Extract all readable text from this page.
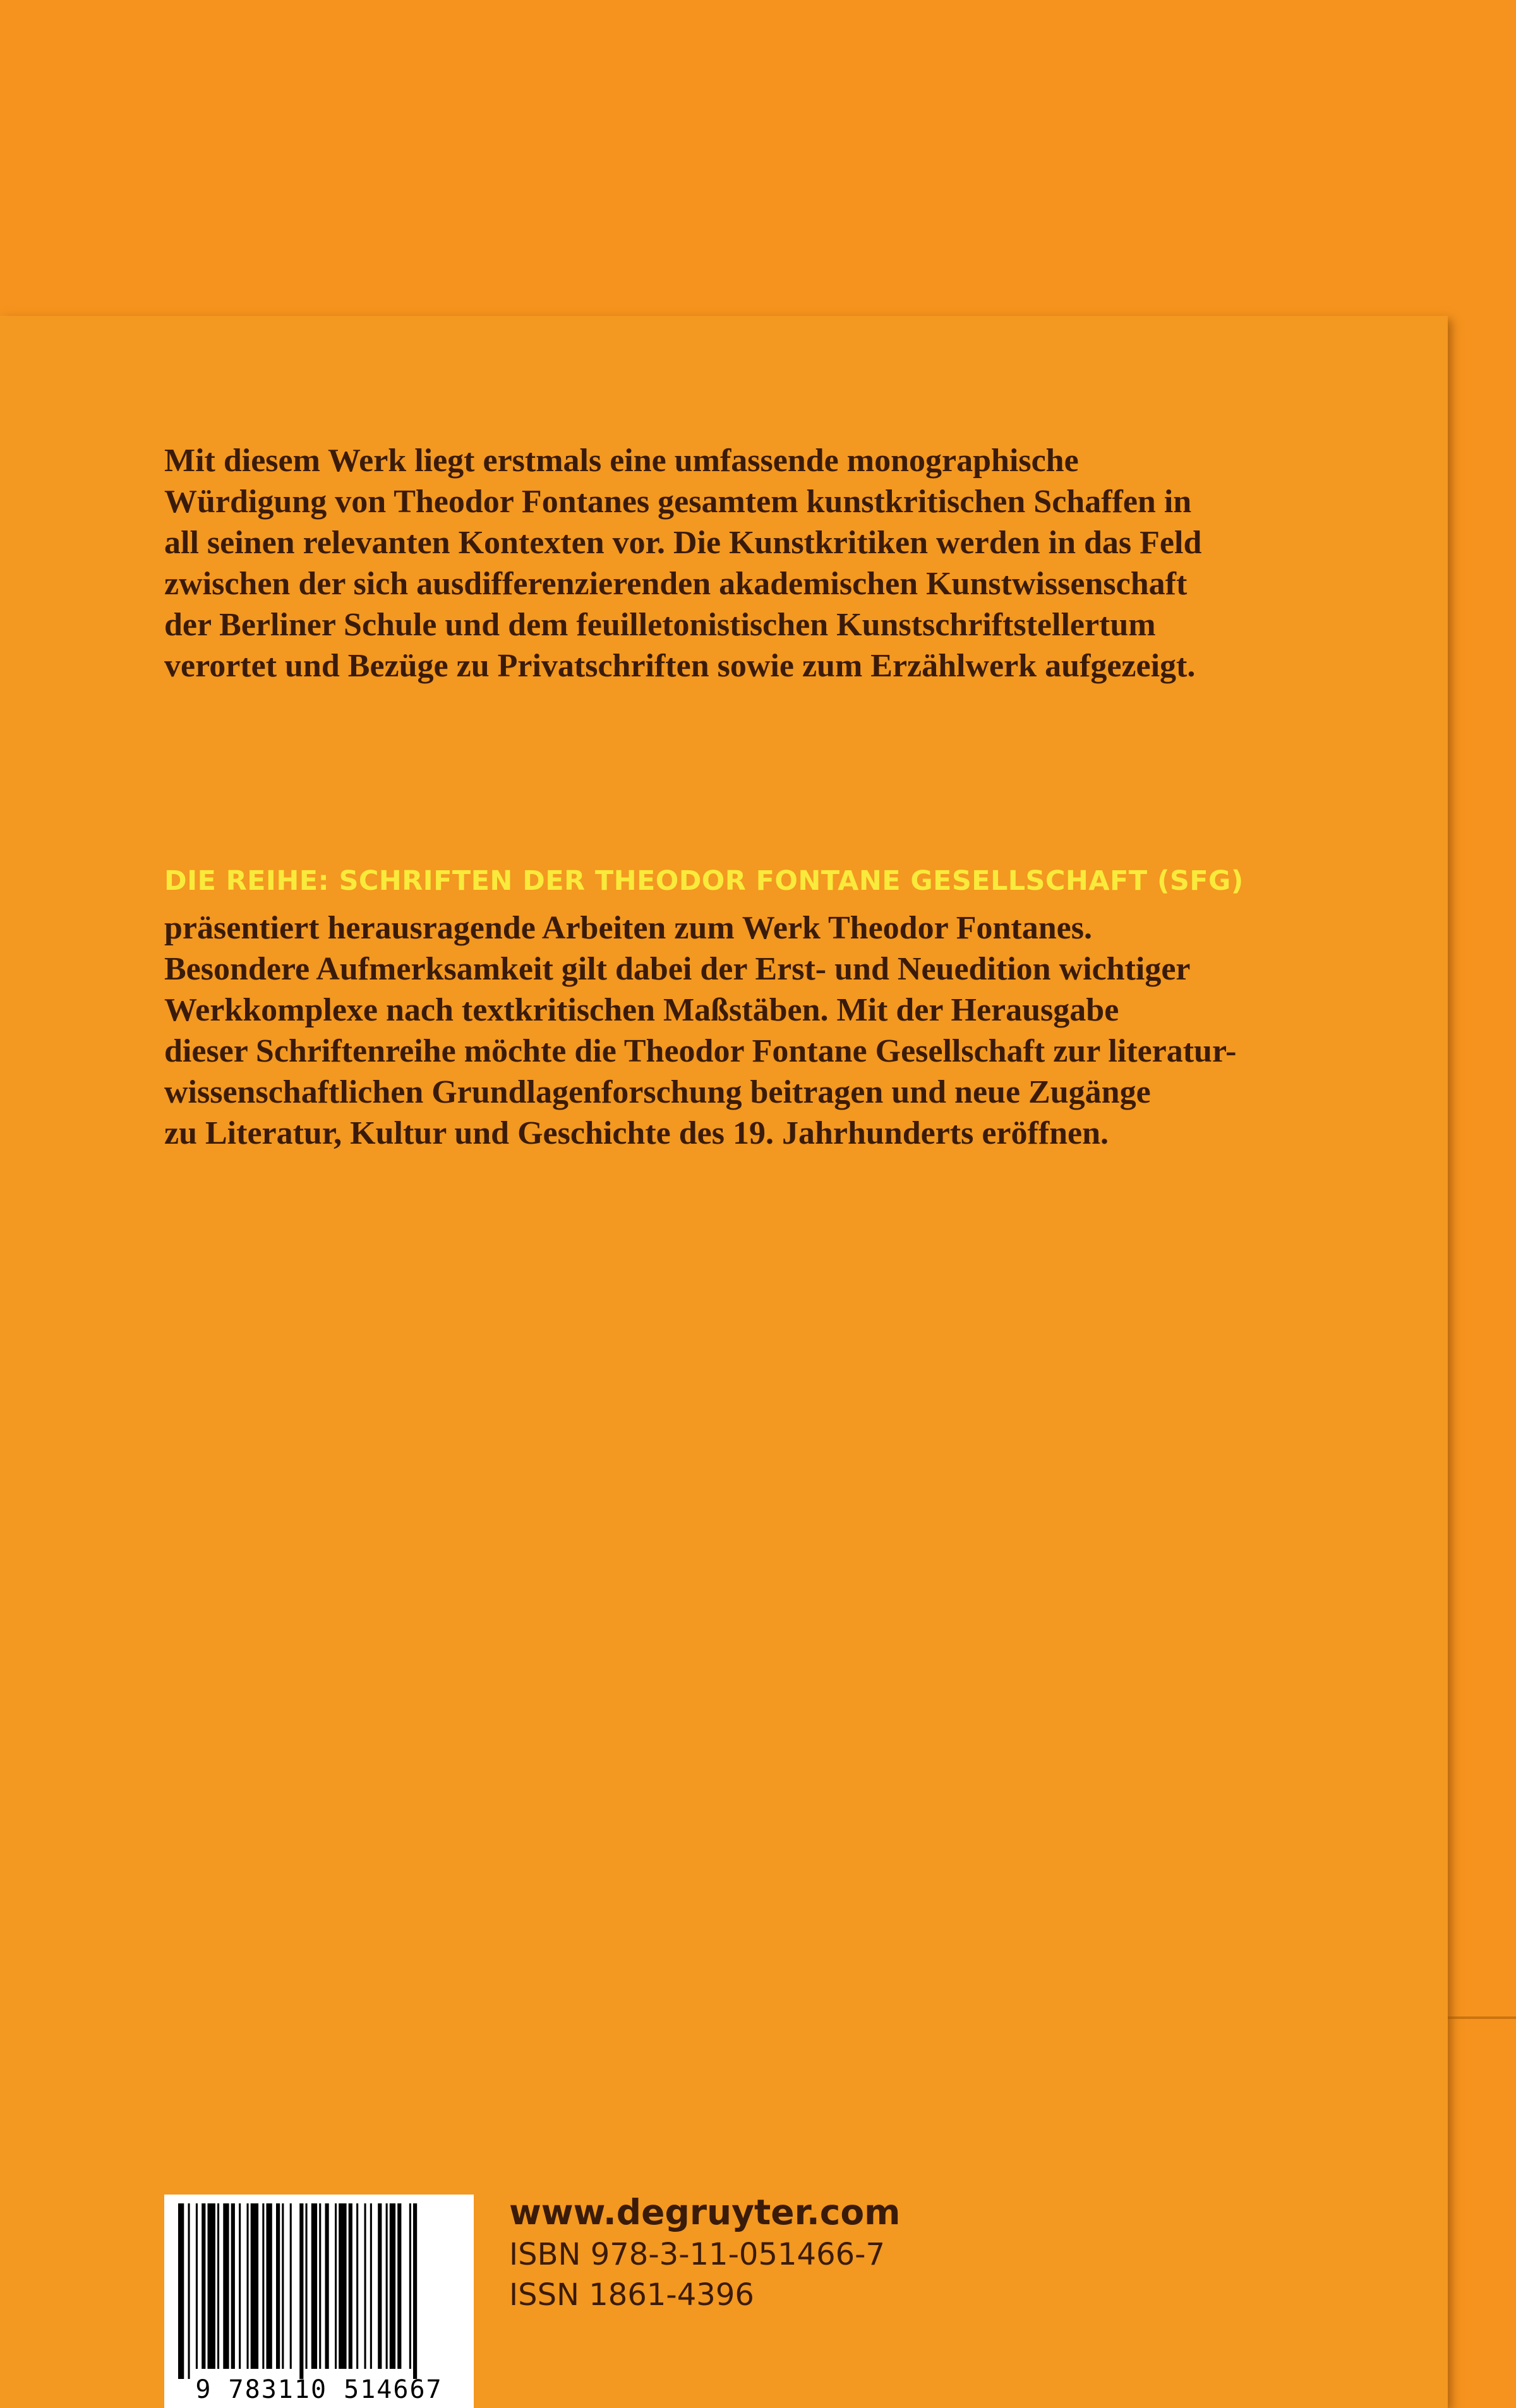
Mit diesem Werk liegt erstmals eine umfassende monographische
Würdigung von Theodor Fontanes gesamtem kunstkritischen Schaffen in
all seinen relevanten Kontexten vor. Die Kunstkritiken werden in das Feld
zwischen der sich ausdifferenzierenden akademischen Kunstwissenschaft
der Berliner Schule und dem feuilletonistischen Kunstschriftstellertum
verortet und Bezüge zu Privatschriften sowie zum Erzählwerk aufgezeigt.
DIE REIHE: SCHRIFTEN DER THEODOR FONTANE GESELLSCHAFT (SFG)
präsentiert herausragende Arbeiten zum Werk Theodor Fontanes.
Besondere Aufmerksamkeit gilt dabei der Erst- und Neuedition wichtiger
Werkkomplexe nach textkritischen Maßstäben. Mit der Herausgabe
dieser Schriftenreihe möchte die Theodor Fontane Gesellschaft zur literatur-
wissenschaftlichen Grundlagenforschung beitragen und neue Zugänge
zu Literatur, Kultur und Geschichte des 19. Jahrhunderts eröffnen.
9 783110 514667
www.degruyter.com
ISBN 978-3-11-051466-7
ISSN 1861-4396
